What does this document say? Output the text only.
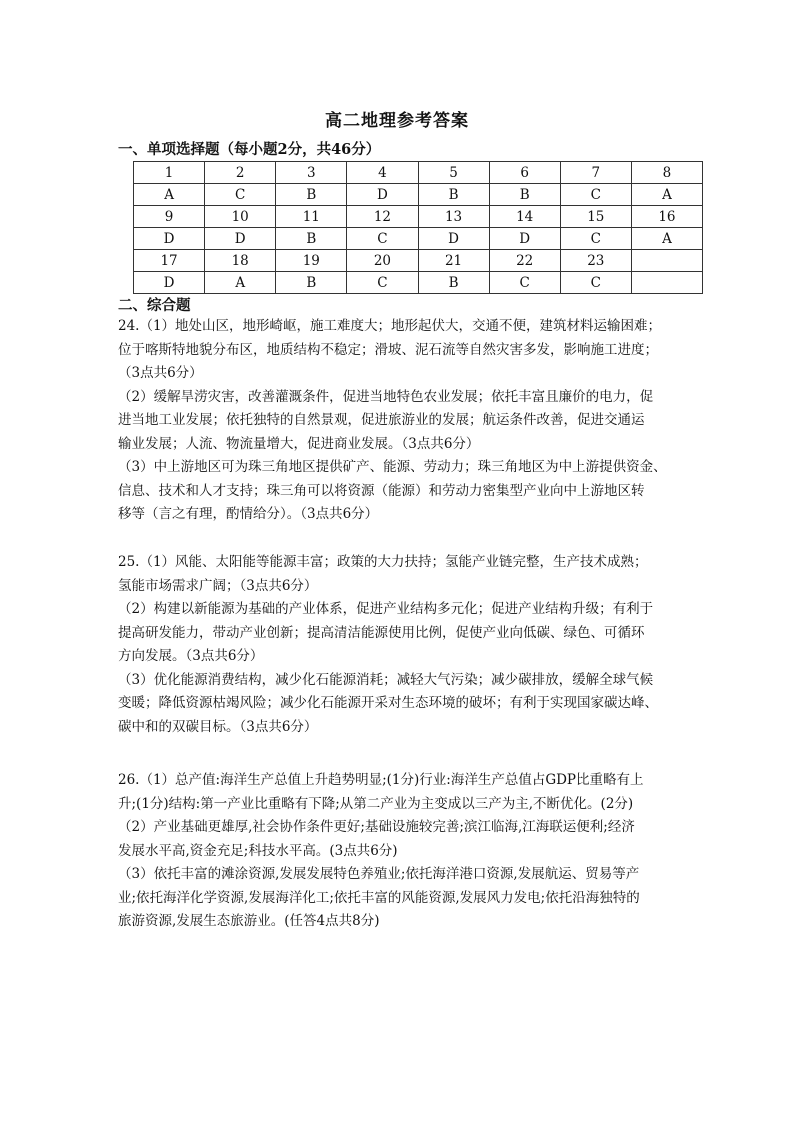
高二地理参考答案
一、单项选择题（每小题2分，共46分）
1	2	3	4	5	6	7	8
A	C	B	D	B	B	C	A
9	10	11	12	13	14	15	16
D	D	B	C	D	D	C	A
17	18	19	20	21	22	23	
D	A	B	C	B	C	C	
二、综合题
24.（1）地处山区，地形崎岖，施工难度大；地形起伏大，交通不便，建筑材料运输困难；
位于喀斯特地貌分布区，地质结构不稳定；滑坡、泥石流等自然灾害多发，影响施工进度；
（3点共6分）
（2）缓解旱涝灾害，改善灌溉条件，促进当地特色农业发展；依托丰富且廉价的电力，促
进当地工业发展；依托独特的自然景观，促进旅游业的发展；航运条件改善，促进交通运
输业发展；人流、物流量增大，促进商业发展。（3点共6分）
（3）中上游地区可为珠三角地区提供矿产、能源、劳动力；珠三角地区为中上游提供资金、
信息、技术和人才支持；珠三角可以将资源（能源）和劳动力密集型产业向中上游地区转
移等（言之有理，酌情给分）。（3点共6分）
25.（1）风能、太阳能等能源丰富；政策的大力扶持；氢能产业链完整，生产技术成熟；
氢能市场需求广阔；（3点共6分）
（2）构建以新能源为基础的产业体系，促进产业结构多元化；促进产业结构升级；有利于
提高研发能力，带动产业创新；提高清洁能源使用比例，促使产业向低碳、绿色、可循环
方向发展。（3点共6分）
（3）优化能源消费结构，减少化石能源消耗；减轻大气污染；减少碳排放，缓解全球气候
变暖；降低资源枯竭风险；减少化石能源开采对生态环境的破坏；有利于实现国家碳达峰、
碳中和的双碳目标。（3点共6分）
26.（1）总产值:海洋生产总值上升趋势明显;(1分)行业:海洋生产总值占GDP比重略有上
升;(1分)结构:第一产业比重略有下降;从第二产业为主变成以三产为主,不断优化。(2分)
（2）产业基础更雄厚,社会协作条件更好;基础设施较完善;滨江临海,江海联运便利;经济
发展水平高,资金充足;科技水平高。(3点共6分)
（3）依托丰富的滩涂资源,发展发展特色养殖业;依托海洋港口资源,发展航运、贸易等产
业;依托海洋化学资源,发展海洋化工;依托丰富的风能资源,发展风力发电;依托沿海独特的
旅游资源,发展生态旅游业。(任答4点共8分)
